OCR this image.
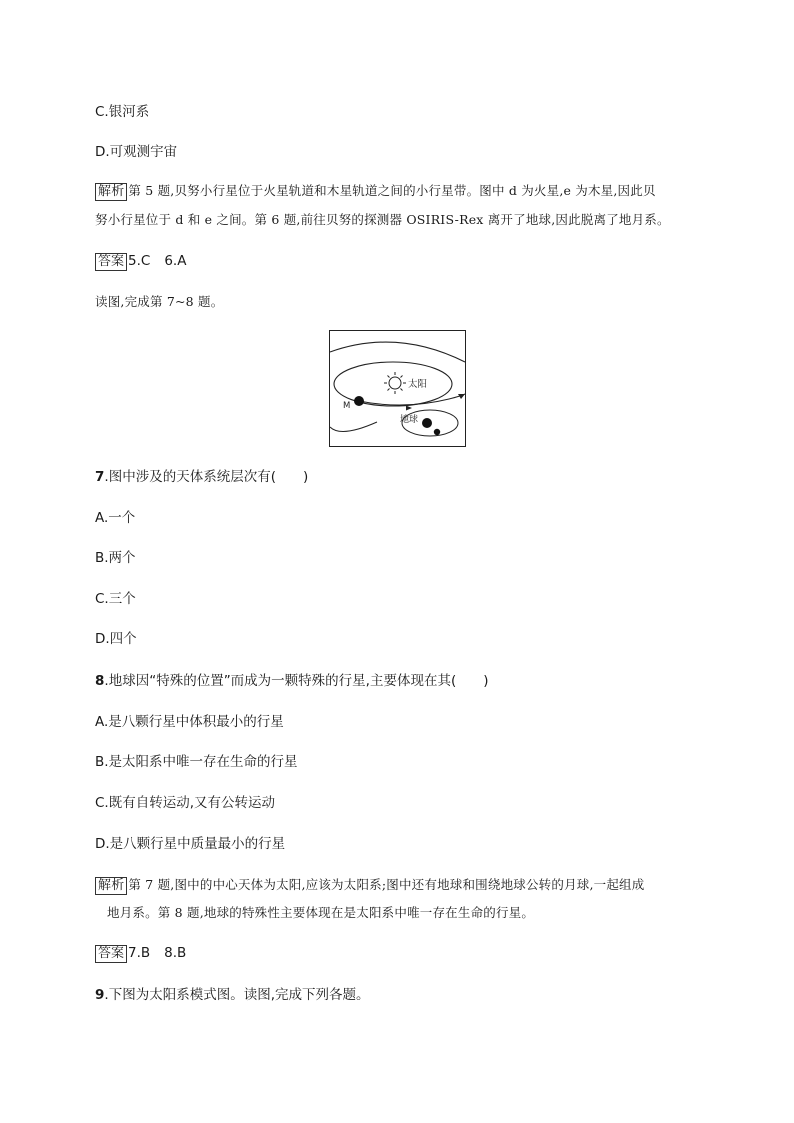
C.银河系
D.可观测宇宙
解析 第 5 题,贝努小行星位于火星轨道和木星轨道之间的小行星带。图中 d 为火星,e 为木星,因此贝
努小行星位于 d 和 e 之间。第 6 题,前往贝努的探测器 OSIRIS-Rex 离开了地球,因此脱离了地月系。
答案 5.C 6.A
读图,完成第 7~8 题。
太阳
M
地球
7.图中涉及的天体系统层次有(　　)
A.一个
B.两个
C.三个
D.四个
8.地球因“特殊的位置”而成为一颗特殊的行星,主要体现在其(　　)
A.是八颗行星中体积最小的行星
B.是太阳系中唯一存在生命的行星
C.既有自转运动,又有公转运动
D.是八颗行星中质量最小的行星
解析 第 7 题,图中的中心天体为太阳,应该为太阳系;图中还有地球和围绕地球公转的月球,一起组成
地月系。第 8 题,地球的特殊性主要体现在是太阳系中唯一存在生命的行星。
答案 7.B 8.B
9.下图为太阳系模式图。读图,完成下列各题。
